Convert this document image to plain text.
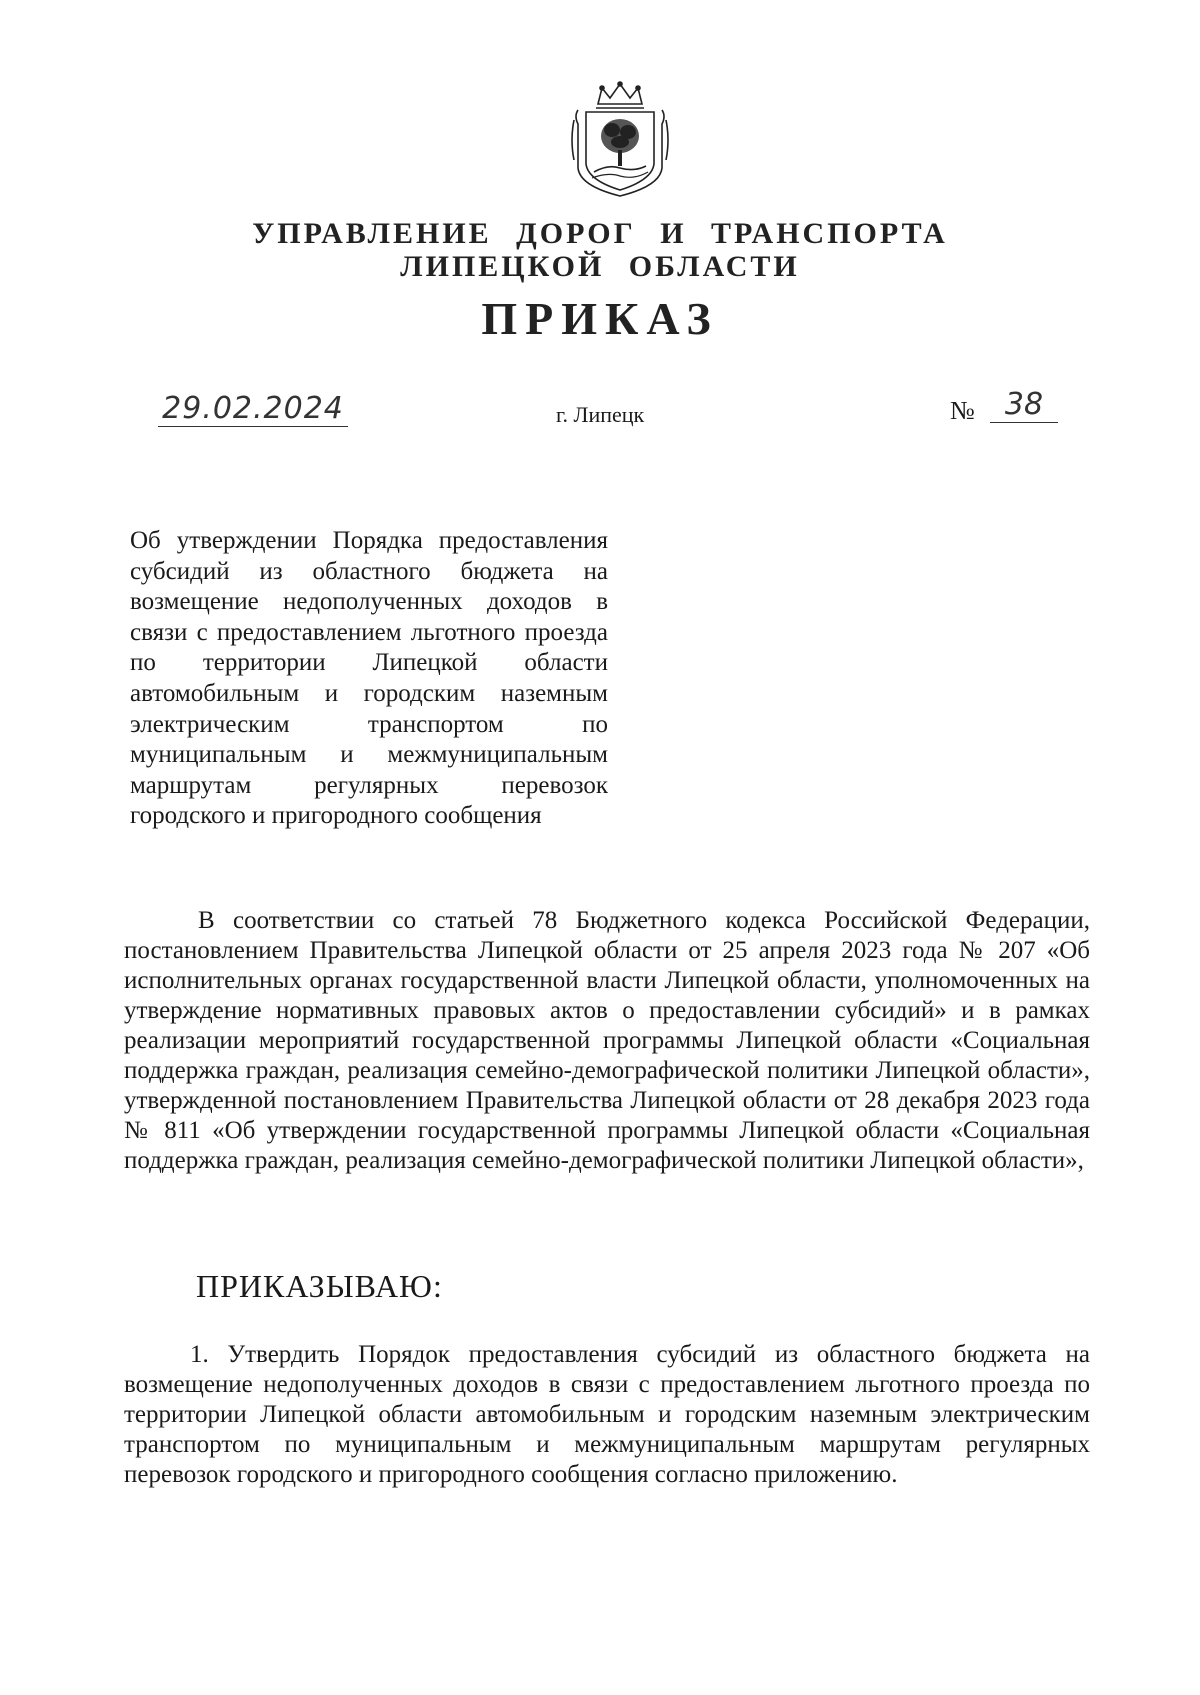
УПРАВЛЕНИЕ ДОРОГ И ТРАНСПОРТА
ЛИПЕЦКОЙ ОБЛАСТИ
ПРИКАЗ
29.02.2024	г. Липецк	№	38
Об утверждении Порядка предоставления субсидий из областного бюджета на возмещение недополученных доходов в связи с предоставлением льготного проезда по территории Липецкой области автомобильным и городским наземным электрическим транспортом по муниципальным и межмуниципальным маршрутам регулярных перевозок городского и пригородного сообщения
В соответствии со статьей 78 Бюджетного кодекса Российской Федерации, постановлением Правительства Липецкой области от 25 апреля 2023 года № 207 «Об исполнительных органах государственной власти Липецкой области, уполномоченных на утверждение нормативных правовых актов о предоставлении субсидий» и в рамках реализации мероприятий государственной программы Липецкой области «Социальная поддержка граждан, реализация семейно-демографической политики Липецкой области», утвержденной постановлением Правительства Липецкой области от 28 декабря 2023 года № 811 «Об утверждении государственной программы Липецкой области «Социальная поддержка граждан, реализация семейно-демографической политики Липецкой области»,
ПРИКАЗЫВАЮ:
1. Утвердить Порядок предоставления субсидий из областного бюджета на возмещение недополученных доходов в связи с предоставлением льготного проезда по территории Липецкой области автомобильным и городским наземным электрическим транспортом по муниципальным и межмуниципальным маршрутам регулярных перевозок городского и пригородного сообщения согласно приложению.
